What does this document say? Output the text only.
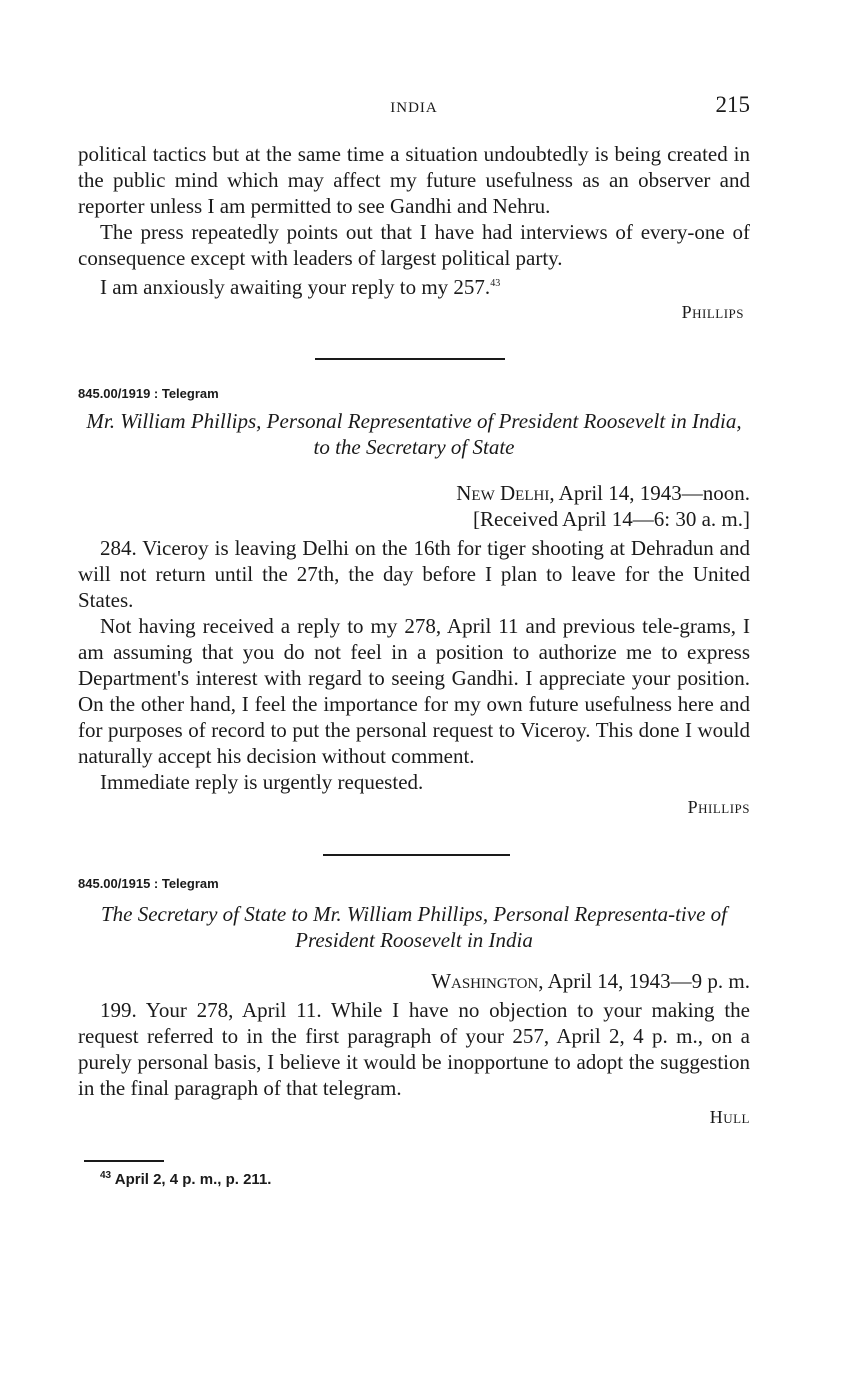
INDIA	215

political tactics but at the same time a situation undoubtedly is being created in the public mind which may affect my future usefulness as an observer and reporter unless I am permitted to see Gandhi and Nehru.

The press repeatedly points out that I have had interviews of every-one of consequence except with leaders of largest political party.

I am anxiously awaiting your reply to my 257.43

Phillips

845.00/1919 : Telegram
Mr. William Phillips, Personal Representative of President Roosevelt in India, to the Secretary of State
New Delhi, April 14, 1943—noon.
[Received April 14—6: 30 a. m.]

284. Viceroy is leaving Delhi on the 16th for tiger shooting at Dehradun and will not return until the 27th, the day before I plan to leave for the United States.

Not having received a reply to my 278, April 11 and previous tele-grams, I am assuming that you do not feel in a position to authorize me to express Department's interest with regard to seeing Gandhi. I appreciate your position. On the other hand, I feel the importance for my own future usefulness here and for purposes of record to put the personal request to Viceroy. This done I would naturally accept his decision without comment.

Immediate reply is urgently requested.

Phillips

845.00/1915 : Telegram
The Secretary of State to Mr. William Phillips, Personal Representa-tive of President Roosevelt in India
Washington, April 14, 1943—9 p. m.

199. Your 278, April 11. While I have no objection to your making the request referred to in the first paragraph of your 257, April 2, 4 p. m., on a purely personal basis, I believe it would be inopportune to adopt the suggestion in the final paragraph of that telegram.

Hull

$^{43}$ April 2, 4 p. m., p. 211.
